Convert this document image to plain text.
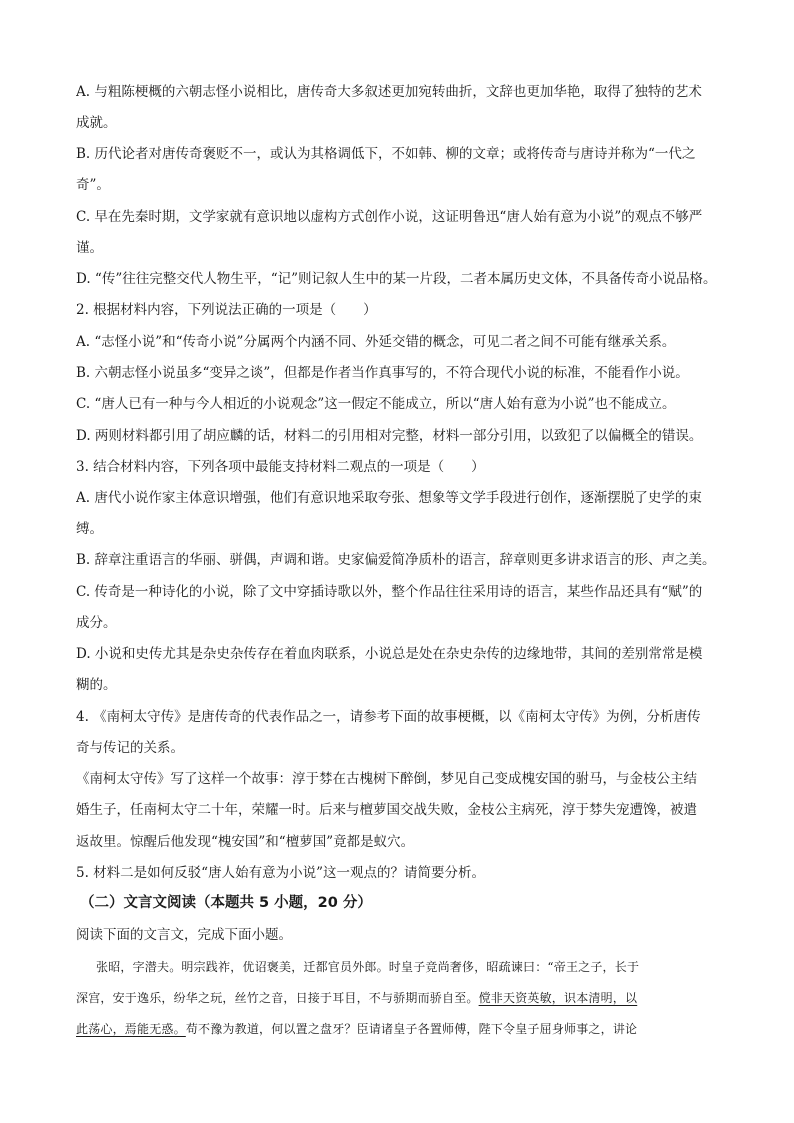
A. 与粗陈梗概的六朝志怪小说相比，唐传奇大多叙述更加宛转曲折，文辞也更加华艳，取得了独特的艺术
成就。
B. 历代论者对唐传奇褒贬不一，或认为其格调低下，不如韩、柳的文章；或将传奇与唐诗并称为“一代之
奇”。
C. 早在先秦时期，文学家就有意识地以虚构方式创作小说，这证明鲁迅“唐人始有意为小说”的观点不够严
谨。
D. “传”往往完整交代人物生平，“记”则记叙人生中的某一片段，二者本属历史文体，不具备传奇小说品格。
2. 根据材料内容，下列说法正确的一项是（　　）
A. “志怪小说”和“传奇小说”分属两个内涵不同、外延交错的概念，可见二者之间不可能有继承关系。
B. 六朝志怪小说虽多“变异之谈”，但都是作者当作真事写的，不符合现代小说的标准，不能看作小说。
C. “唐人已有一种与今人相近的小说观念”这一假定不能成立，所以“唐人始有意为小说”也不能成立。
D. 两则材料都引用了胡应麟的话，材料二的引用相对完整，材料一部分引用，以致犯了以偏概全的错误。
3. 结合材料内容，下列各项中最能支持材料二观点的一项是（　　）
A. 唐代小说作家主体意识增强，他们有意识地采取夸张、想象等文学手段进行创作，逐渐摆脱了史学的束
缚。
B. 辞章注重语言的华丽、骈偶，声调和谐。史家偏爱简净质朴的语言，辞章则更多讲求语言的形、声之美。
C. 传奇是一种诗化的小说，除了文中穿插诗歌以外，整个作品往往采用诗的语言，某些作品还具有“赋”的
成分。
D. 小说和史传尤其是杂史杂传存在着血肉联系，小说总是处在杂史杂传的边缘地带，其间的差别常常是模
糊的。
4. 《南柯太守传》是唐传奇的代表作品之一，请参考下面的故事梗概，以《南柯太守传》为例，分析唐传
奇与传记的关系。
《南柯太守传》写了这样一个故事：淳于棼在古槐树下醉倒，梦见自己变成槐安国的驸马，与金枝公主结
婚生子，任南柯太守二十年，荣耀一时。后来与檀萝国交战失败，金枝公主病死，淳于棼失宠遭馋，被遣
返故里。惊醒后他发现“槐安国”和“檀萝国”竟都是蚁穴。
5. 材料二是如何反驳“唐人始有意为小说”这一观点的？请简要分析。
（二）文言文阅读（本题共 5 小题，20 分）
阅读下面的文言文，完成下面小题。
张昭，字潜夫。明宗践祚，优诏褒美，迁都官员外郎。时皇子竞尚奢侈，昭疏谏曰：“帝王之子，长于
深宫，安于逸乐，纷华之玩，丝竹之音，日接于耳目，不与骄期而骄自至。傥非天资英敏，识本清明，以
此荡心，焉能无惑。苟不豫为教道，何以置之盘牙？臣请诸皇子各置师傅，陛下令皇子屈身师事之，讲论
